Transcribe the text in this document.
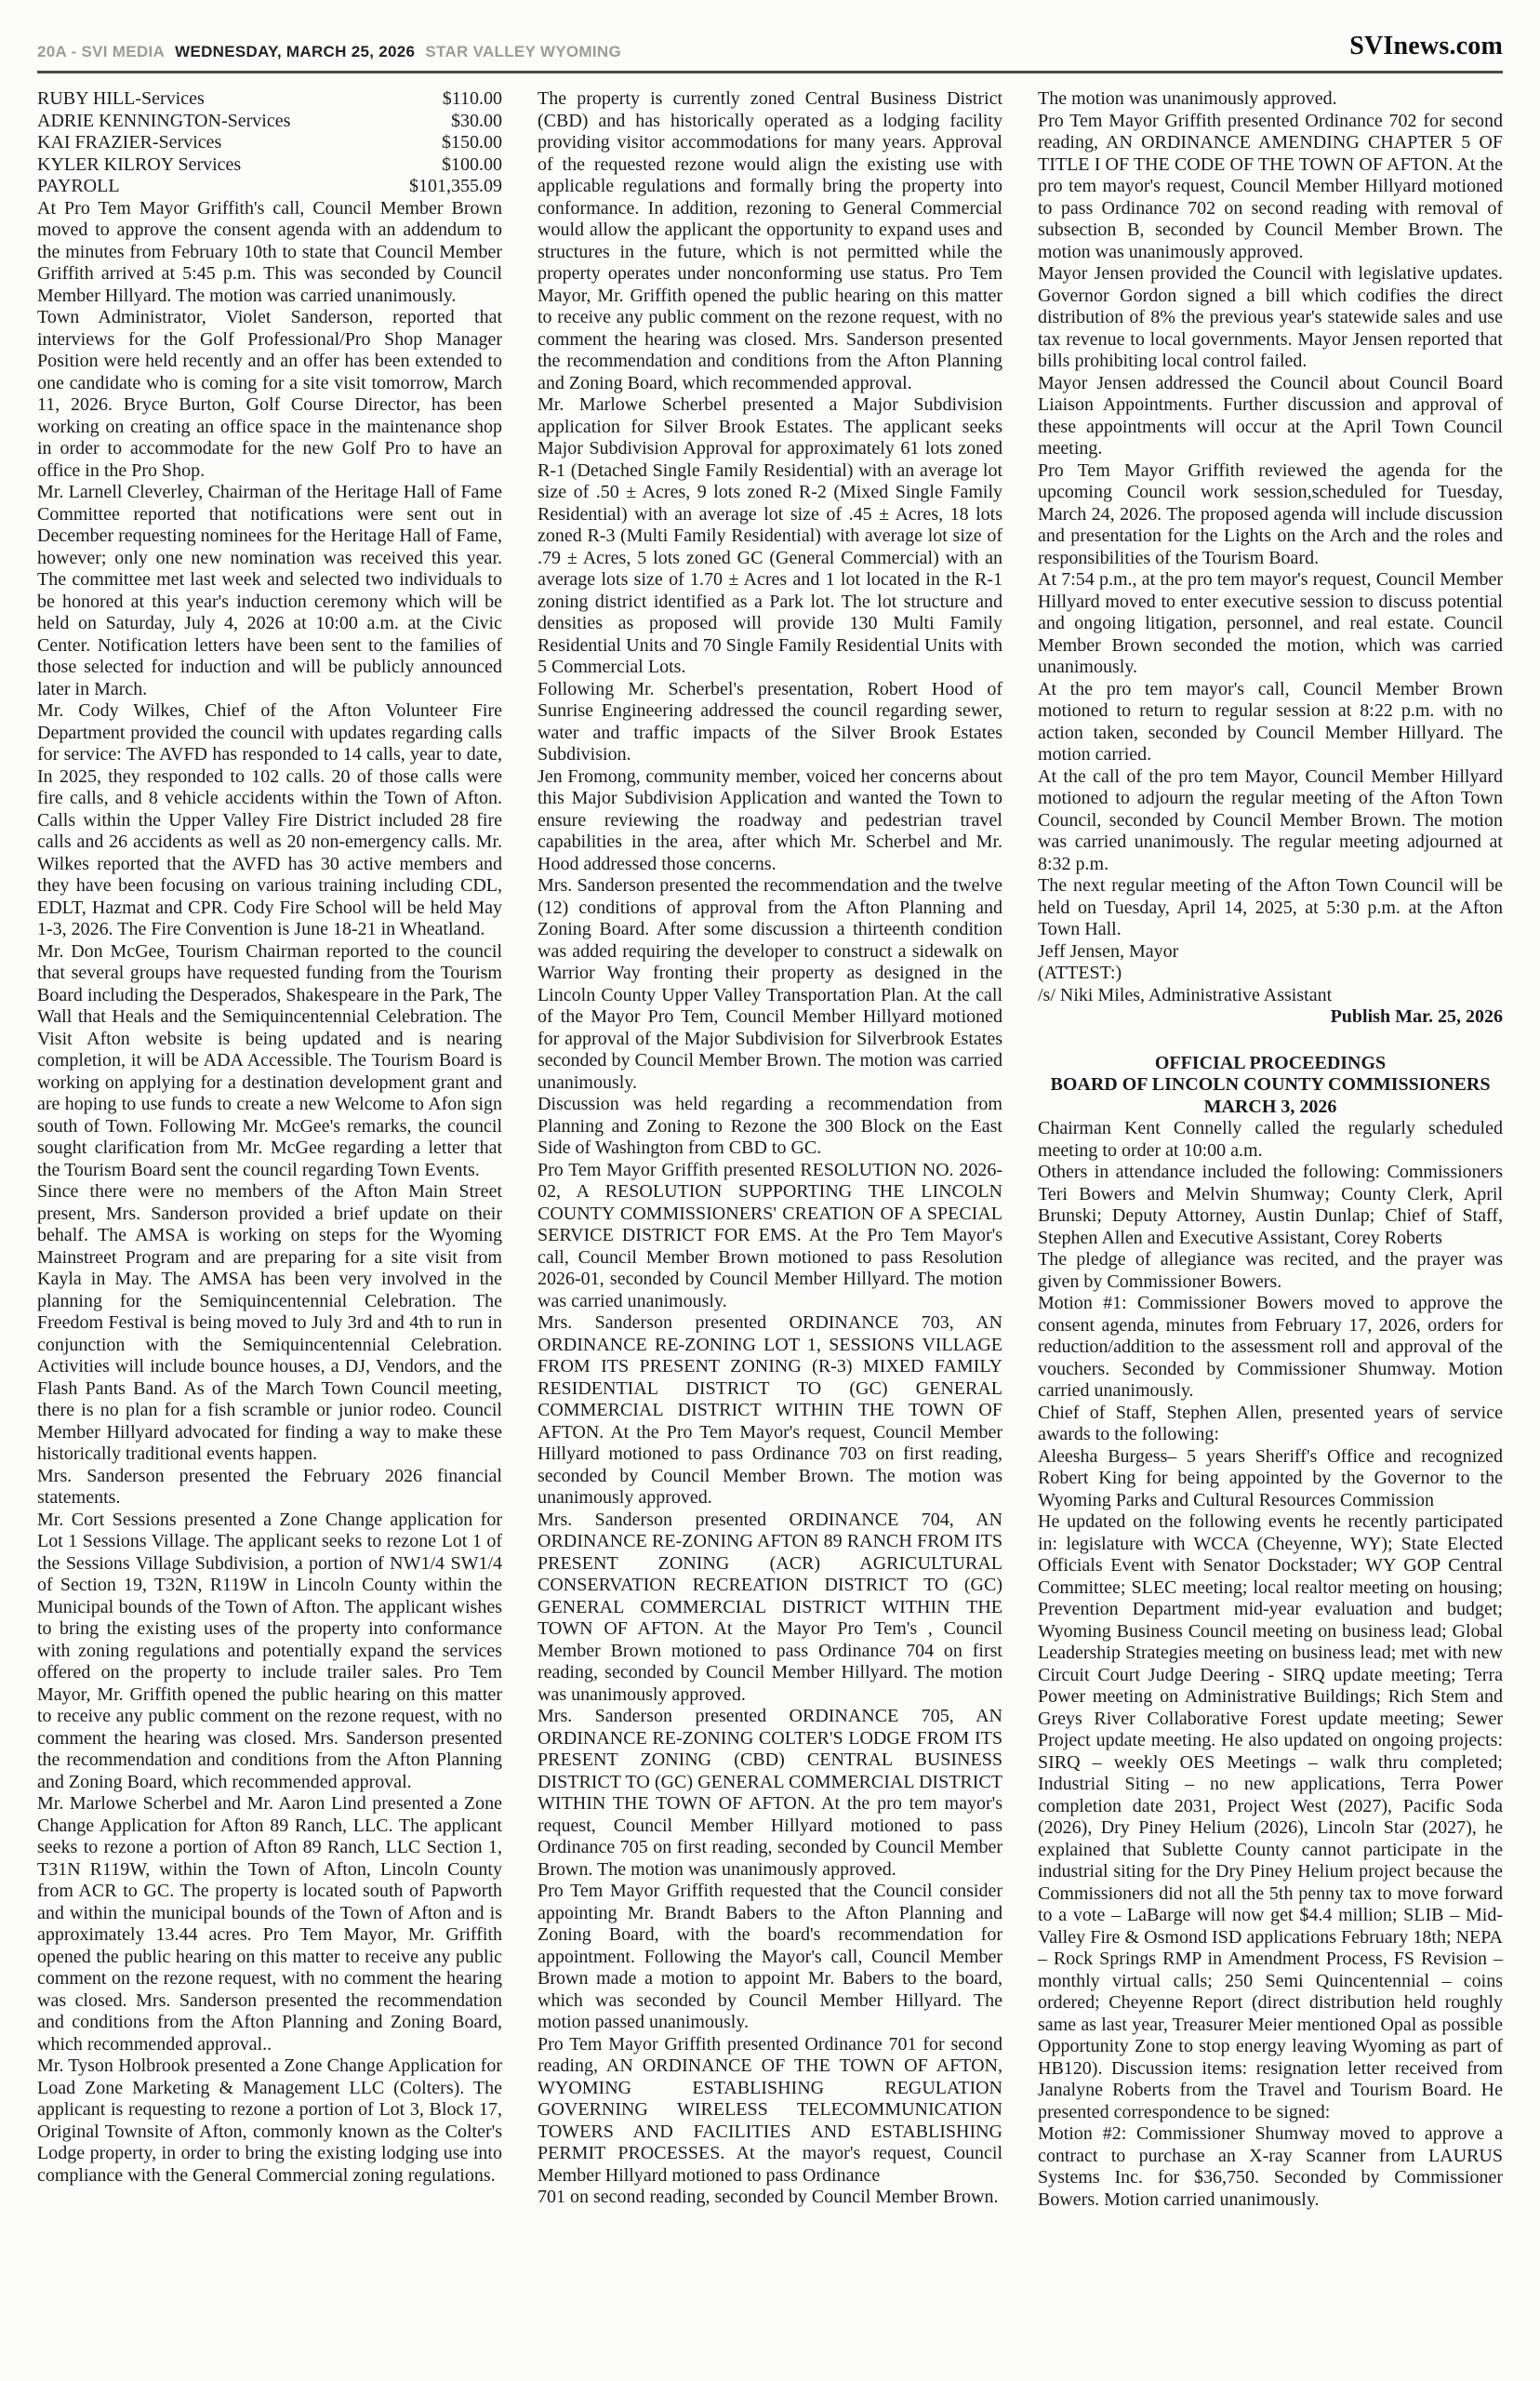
20A - SVI MEDIA WEDNESDAY, MARCH 25, 2026 STAR VALLEY WYOMING	SVInews.com
RUBY HILL-Services	$110.00
ADRIE KENNINGTON-Services	$30.00
KAI FRAZIER-Services	$150.00
KYLER KILROY Services	$100.00
PAYROLL	$101,355.09

At Pro Tem Mayor Griffith's call, Council Member Brown moved to approve the consent agenda with an addendum to the minutes from February 10th to state that Council Member Griffith arrived at 5:45 p.m. This was seconded by Council Member Hillyard. The motion was carried unanimously.

Town Administrator, Violet Sanderson, reported that interviews for the Golf Professional/Pro Shop Manager Position were held recently and an offer has been extended to one candidate who is coming for a site visit tomorrow, March 11, 2026. Bryce Burton, Golf Course Director, has been working on creating an office space in the maintenance shop in order to accommodate for the new Golf Pro to have an office in the Pro Shop.

Mr. Larnell Cleverley, Chairman of the Heritage Hall of Fame Committee reported that notifications were sent out in December requesting nominees for the Heritage Hall of Fame, however; only one new nomination was received this year. The committee met last week and selected two individuals to be honored at this year's induction ceremony which will be held on Saturday, July 4, 2026 at 10:00 a.m. at the Civic Center. Notification letters have been sent to the families of those selected for induction and will be publicly announced later in March.

Mr. Cody Wilkes, Chief of the Afton Volunteer Fire Department provided the council with updates regarding calls for service: The AVFD has responded to 14 calls, year to date, In 2025, they responded to 102 calls. 20 of those calls were fire calls, and 8 vehicle accidents within the Town of Afton. Calls within the Upper Valley Fire District included 28 fire calls and 26 accidents as well as 20 non-emergency calls. Mr. Wilkes reported that the AVFD has 30 active members and they have been focusing on various training including CDL, EDLT, Hazmat and CPR. Cody Fire School will be held May 1-3, 2026. The Fire Convention is June 18-21 in Wheatland.

Mr. Don McGee, Tourism Chairman reported to the council that several groups have requested funding from the Tourism Board including the Desperados, Shakespeare in the Park, The Wall that Heals and the Semiquincentennial Celebration. The Visit Afton website is being updated and is nearing completion, it will be ADA Accessible. The Tourism Board is working on applying for a destination development grant and are hoping to use funds to create a new Welcome to Afon sign south of Town. Following Mr. McGee's remarks, the council sought clarification from Mr. McGee regarding a letter that the Tourism Board sent the council regarding Town Events.

Since there were no members of the Afton Main Street present, Mrs. Sanderson provided a brief update on their behalf. The AMSA is working on steps for the Wyoming Mainstreet Program and are preparing for a site visit from Kayla in May. The AMSA has been very involved in the planning for the Semiquincentennial Celebration. The Freedom Festival is being moved to July 3rd and 4th to run in conjunction with the Semiquincentennial Celebration. Activities will include bounce houses, a DJ, Vendors, and the Flash Pants Band. As of the March Town Council meeting, there is no plan for a fish scramble or junior rodeo. Council Member Hillyard advocated for finding a way to make these historically traditional events happen.

Mrs. Sanderson presented the February 2026 financial statements.

Mr. Cort Sessions presented a Zone Change application for Lot 1 Sessions Village. The applicant seeks to rezone Lot 1 of the Sessions Village Subdivision, a portion of NW1/4 SW1/4 of Section 19, T32N, R119W in Lincoln County within the Municipal bounds of the Town of Afton. The applicant wishes to bring the existing uses of the property into conformance with zoning regulations and potentially expand the services offered on the property to include trailer sales. Pro Tem Mayor, Mr. Griffith opened the public hearing on this matter to receive any public comment on the rezone request, with no comment the hearing was closed. Mrs. Sanderson presented the recommendation and conditions from the Afton Planning and Zoning Board, which recommended approval.

Mr. Marlowe Scherbel and Mr. Aaron Lind presented a Zone Change Application for Afton 89 Ranch, LLC. The applicant seeks to rezone a portion of Afton 89 Ranch, LLC Section 1, T31N R119W, within the Town of Afton, Lincoln County from ACR to GC. The property is located south of Papworth and within the municipal bounds of the Town of Afton and is approximately 13.44 acres. Pro Tem Mayor, Mr. Griffith opened the public hearing on this matter to receive any public comment on the rezone request, with no comment the hearing was closed. Mrs. Sanderson presented the recommendation and conditions from the Afton Planning and Zoning Board, which recommended approval..

Mr. Tyson Holbrook presented a Zone Change Application for Load Zone Marketing & Management LLC (Colters). The applicant is requesting to rezone a portion of Lot 3, Block 17, Original Townsite of Afton, commonly known as the Colter's Lodge property, in order to bring the existing lodging use into compliance with the General Commercial zoning regulations.

The property is currently zoned Central Business District (CBD) and has historically operated as a lodging facility providing visitor accommodations for many years. Approval of the requested rezone would align the existing use with applicable regulations and formally bring the property into conformance. In addition, rezoning to General Commercial would allow the applicant the opportunity to expand uses and structures in the future, which is not permitted while the property operates under nonconforming use status. Pro Tem Mayor, Mr. Griffith opened the public hearing on this matter to receive any public comment on the rezone request, with no comment the hearing was closed. Mrs. Sanderson presented the recommendation and conditions from the Afton Planning and Zoning Board, which recommended approval.

Mr. Marlowe Scherbel presented a Major Subdivision application for Silver Brook Estates. The applicant seeks Major Subdivision Approval for approximately 61 lots zoned R-1 (Detached Single Family Residential) with an average lot size of .50 ± Acres, 9 lots zoned R-2 (Mixed Single Family Residential) with an average lot size of .45 ± Acres, 18 lots zoned R-3 (Multi Family Residential) with average lot size of .79 ± Acres, 5 lots zoned GC (General Commercial) with an average lots size of 1.70 ± Acres and 1 lot located in the R-1 zoning district identified as a Park lot. The lot structure and densities as proposed will provide 130 Multi Family Residential Units and 70 Single Family Residential Units with 5 Commercial Lots.

Following Mr. Scherbel's presentation, Robert Hood of Sunrise Engineering addressed the council regarding sewer, water and traffic impacts of the Silver Brook Estates Subdivision.

Jen Fromong, community member, voiced her concerns about this Major Subdivision Application and wanted the Town to ensure reviewing the roadway and pedestrian travel capabilities in the area, after which Mr. Scherbel and Mr. Hood addressed those concerns.

Mrs. Sanderson presented the recommendation and the twelve (12) conditions of approval from the Afton Planning and Zoning Board. After some discussion a thirteenth condition was added requiring the developer to construct a sidewalk on Warrior Way fronting their property as designed in the Lincoln County Upper Valley Transportation Plan. At the call of the Mayor Pro Tem, Council Member Hillyard motioned for approval of the Major Subdivision for Silverbrook Estates seconded by Council Member Brown. The motion was carried unanimously.

Discussion was held regarding a recommendation from Planning and Zoning to Rezone the 300 Block on the East Side of Washington from CBD to GC.

Pro Tem Mayor Griffith presented RESOLUTION NO. 2026-02, A RESOLUTION SUPPORTING THE LINCOLN COUNTY COMMISSIONERS' CREATION OF A SPECIAL SERVICE DISTRICT FOR EMS. At the Pro Tem Mayor's call, Council Member Brown motioned to pass Resolution 2026-01, seconded by Council Member Hillyard. The motion was carried unanimously.

Mrs. Sanderson presented ORDINANCE 703, AN ORDINANCE RE-ZONING LOT 1, SESSIONS VILLAGE FROM ITS PRESENT ZONING (R-3) MIXED FAMILY RESIDENTIAL DISTRICT TO (GC) GENERAL COMMERCIAL DISTRICT WITHIN THE TOWN OF AFTON. At the Pro Tem Mayor's request, Council Member Hillyard motioned to pass Ordinance 703 on first reading, seconded by Council Member Brown. The motion was unanimously approved.

Mrs. Sanderson presented ORDINANCE 704, AN ORDINANCE RE-ZONING AFTON 89 RANCH FROM ITS PRESENT ZONING (ACR) AGRICULTURAL CONSERVATION RECREATION DISTRICT TO (GC) GENERAL COMMERCIAL DISTRICT WITHIN THE TOWN OF AFTON. At the Mayor Pro Tem's , Council Member Brown motioned to pass Ordinance 704 on first reading, seconded by Council Member Hillyard. The motion was unanimously approved.

Mrs. Sanderson presented ORDINANCE 705, AN ORDINANCE RE-ZONING COLTER'S LODGE FROM ITS PRESENT ZONING (CBD) CENTRAL BUSINESS DISTRICT TO (GC) GENERAL COMMERCIAL DISTRICT WITHIN THE TOWN OF AFTON. At the pro tem mayor's request, Council Member Hillyard motioned to pass Ordinance 705 on first reading, seconded by Council Member Brown. The motion was unanimously approved.

Pro Tem Mayor Griffith requested that the Council consider appointing Mr. Brandt Babers to the Afton Planning and Zoning Board, with the board's recommendation for appointment. Following the Mayor's call, Council Member Brown made a motion to appoint Mr. Babers to the board, which was seconded by Council Member Hillyard. The motion passed unanimously.

Pro Tem Mayor Griffith presented Ordinance 701 for second reading, AN ORDINANCE OF THE TOWN OF AFTON, WYOMING ESTABLISHING REGULATION GOVERNING WIRELESS TELECOMMUNICATION TOWERS AND FACILITIES AND ESTABLISHING PERMIT PROCESSES. At the mayor's request, Council Member Hillyard motioned to pass Ordinance

701 on second reading, seconded by Council Member Brown.

The motion was unanimously approved.

Pro Tem Mayor Griffith presented Ordinance 702 for second reading, AN ORDINANCE AMENDING CHAPTER 5 OF TITLE I OF THE CODE OF THE TOWN OF AFTON. At the pro tem mayor's request, Council Member Hillyard motioned to pass Ordinance 702 on second reading with removal of subsection B, seconded by Council Member Brown. The motion was unanimously approved.

Mayor Jensen provided the Council with legislative updates. Governor Gordon signed a bill which codifies the direct distribution of 8% the previous year's statewide sales and use tax revenue to local governments. Mayor Jensen reported that bills prohibiting local control failed.

Mayor Jensen addressed the Council about Council Board Liaison Appointments. Further discussion and approval of these appointments will occur at the April Town Council meeting.

Pro Tem Mayor Griffith reviewed the agenda for the upcoming Council work session,scheduled for Tuesday, March 24, 2026. The proposed agenda will include discussion and presentation for the Lights on the Arch and the roles and responsibilities of the Tourism Board.

At 7:54 p.m., at the pro tem mayor's request, Council Member Hillyard moved to enter executive session to discuss potential and ongoing litigation, personnel, and real estate. Council Member Brown seconded the motion, which was carried unanimously.

At the pro tem mayor's call, Council Member Brown motioned to return to regular session at 8:22 p.m. with no action taken, seconded by Council Member Hillyard. The motion carried.

At the call of the pro tem Mayor, Council Member Hillyard motioned to adjourn the regular meeting of the Afton Town Council, seconded by Council Member Brown. The motion was carried unanimously. The regular meeting adjourned at 8:32 p.m.

The next regular meeting of the Afton Town Council will be held on Tuesday, April 14, 2025, at 5:30 p.m. at the Afton Town Hall.

Jeff Jensen, Mayor

(ATTEST:)

/s/ Niki Miles, Administrative Assistant

Publish Mar. 25, 2026

OFFICIAL PROCEEDINGS

BOARD OF LINCOLN COUNTY COMMISSIONERS

MARCH 3, 2026

Chairman Kent Connelly called the regularly scheduled meeting to order at 10:00 a.m.

Others in attendance included the following: Commissioners Teri Bowers and Melvin Shumway; County Clerk, April Brunski; Deputy Attorney, Austin Dunlap; Chief of Staff, Stephen Allen and Executive Assistant, Corey Roberts

The pledge of allegiance was recited, and the prayer was given by Commissioner Bowers.

Motion #1: Commissioner Bowers moved to approve the consent agenda, minutes from February 17, 2026, orders for reduction/addition to the assessment roll and approval of the vouchers. Seconded by Commissioner Shumway. Motion carried unanimously.

Chief of Staff, Stephen Allen, presented years of service awards to the following:

Aleesha Burgess– 5 years Sheriff's Office and recognized Robert King for being appointed by the Governor to the Wyoming Parks and Cultural Resources Commission

He updated on the following events he recently participated in: legislature with WCCA (Cheyenne, WY); State Elected Officials Event with Senator Dockstader; WY GOP Central Committee; SLEC meeting; local realtor meeting on housing; Prevention Department mid-year evaluation and budget; Wyoming Business Council meeting on business lead; Global Leadership Strategies meeting on business lead; met with new Circuit Court Judge Deering - SIRQ update meeting; Terra Power meeting on Administrative Buildings; Rich Stem and Greys River Collaborative Forest update meeting; Sewer Project update meeting. He also updated on ongoing projects: SIRQ – weekly OES Meetings – walk thru completed; Industrial Siting – no new applications, Terra Power completion date 2031, Project West (2027), Pacific Soda (2026), Dry Piney Helium (2026), Lincoln Star (2027), he explained that Sublette County cannot participate in the industrial siting for the Dry Piney Helium project because the Commissioners did not all the 5th penny tax to move forward to a vote – LaBarge will now get $4.4 million; SLIB – Mid-Valley Fire & Osmond ISD applications February 18th; NEPA – Rock Springs RMP in Amendment Process, FS Revision – monthly virtual calls; 250 Semi Quincentennial – coins ordered; Cheyenne Report (direct distribution held roughly same as last year, Treasurer Meier mentioned Opal as possible Opportunity Zone to stop energy leaving Wyoming as part of HB120). Discussion items: resignation letter received from Janalyne Roberts from the Travel and Tourism Board. He presented correspondence to be signed:

Motion #2: Commissioner Shumway moved to approve a contract to purchase an X-ray Scanner from LAURUS Systems Inc. for $36,750. Seconded by Commissioner Bowers. Motion carried unanimously.
